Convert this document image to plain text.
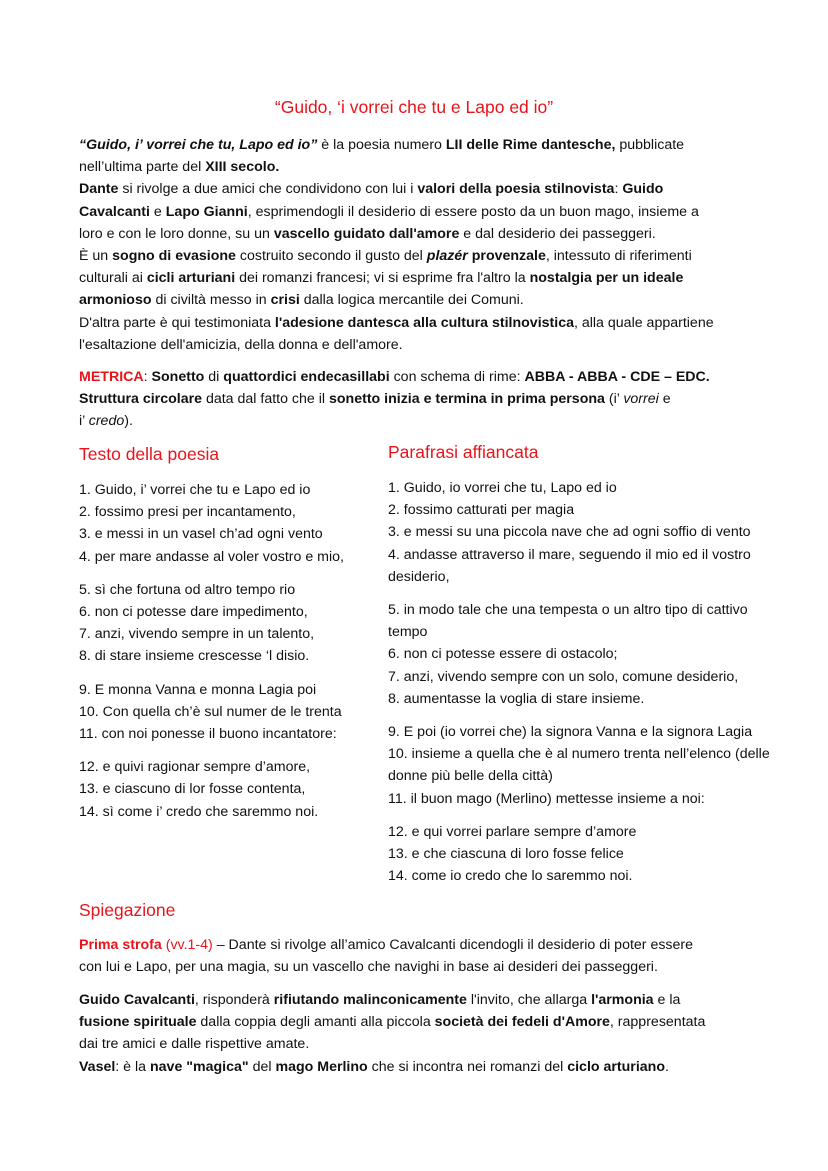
“Guido, ‘i vorrei che tu e Lapo ed io”
“Guido, i’ vorrei che tu, Lapo ed io” è la poesia numero LII delle Rime dantesche, pubblicate
nell’ultima parte del XIII secolo.
Dante si rivolge a due amici che condividono con lui i valori della poesia stilnovista: Guido
Cavalcanti e Lapo Gianni, esprimendogli il desiderio di essere posto da un buon mago, insieme a
loro e con le loro donne, su un vascello guidato dall'amore e dal desiderio dei passeggeri.
È un sogno di evasione costruito secondo il gusto del plazér provenzale, intessuto di riferimenti
culturali ai cicli arturiani dei romanzi francesi; vi si esprime fra l'altro la nostalgia per un ideale
armonioso di civiltà messo in crisi dalla logica mercantile dei Comuni.
D'altra parte è qui testimoniata l'adesione dantesca alla cultura stilnovistica, alla quale appartiene
l'esaltazione dell'amicizia, della donna e dell'amore.
METRICA: Sonetto di quattordici endecasillabi con schema di rime: ABBA - ABBA - CDE – EDC.
Struttura circolare data dal fatto che il sonetto inizia e termina in prima persona (i’ vorrei e
i’ credo).
Testo della poesia
1. Guido, i’ vorrei che tu e Lapo ed io
2. fossimo presi per incantamento,
3. e messi in un vasel ch’ad ogni vento
4. per mare andasse al voler vostro e mio,
5. sì che fortuna od altro tempo rio
6. non ci potesse dare impedimento,
7. anzi, vivendo sempre in un talento,
8. di stare insieme crescesse ‘l disio.
9. E monna Vanna e monna Lagia poi
10. Con quella ch’è sul numer de le trenta
11. con noi ponesse il buono incantatore:
12. e quivi ragionar sempre d’amore,
13. e ciascuno di lor fosse contenta,
14. sì come i’ credo che saremmo noi.
Parafrasi affiancata
1. Guido, io vorrei che tu, Lapo ed io
2. fossimo catturati per magia
3. e messi su una piccola nave che ad ogni soffio di vento
4. andasse attraverso il mare, seguendo il mio ed il vostro
desiderio,
5. in modo tale che una tempesta o un altro tipo di cattivo
tempo
6. non ci potesse essere di ostacolo;
7. anzi, vivendo sempre con un solo, comune desiderio,
8. aumentasse la voglia di stare insieme.
9. E poi (io vorrei che) la signora Vanna e la signora Lagia
10. insieme a quella che è al numero trenta nell’elenco (delle
donne più belle della città)
11. il buon mago (Merlino) mettesse insieme a noi:
12. e qui vorrei parlare sempre d’amore
13. e che ciascuna di loro fosse felice
14. come io credo che lo saremmo noi.
Spiegazione
Prima strofa (vv.1-4) – Dante si rivolge all’amico Cavalcanti dicendogli il desiderio di poter essere
con lui e Lapo, per una magia, su un vascello che navighi in base ai desideri dei passeggeri.
Guido Cavalcanti, risponderà rifiutando malinconicamente l'invito, che allarga l'armonia e la
fusione spirituale dalla coppia degli amanti alla piccola società dei fedeli d'Amore, rappresentata
dai tre amici e dalle rispettive amate.
Vasel: è la nave "magica" del mago Merlino che si incontra nei romanzi del ciclo arturiano.
